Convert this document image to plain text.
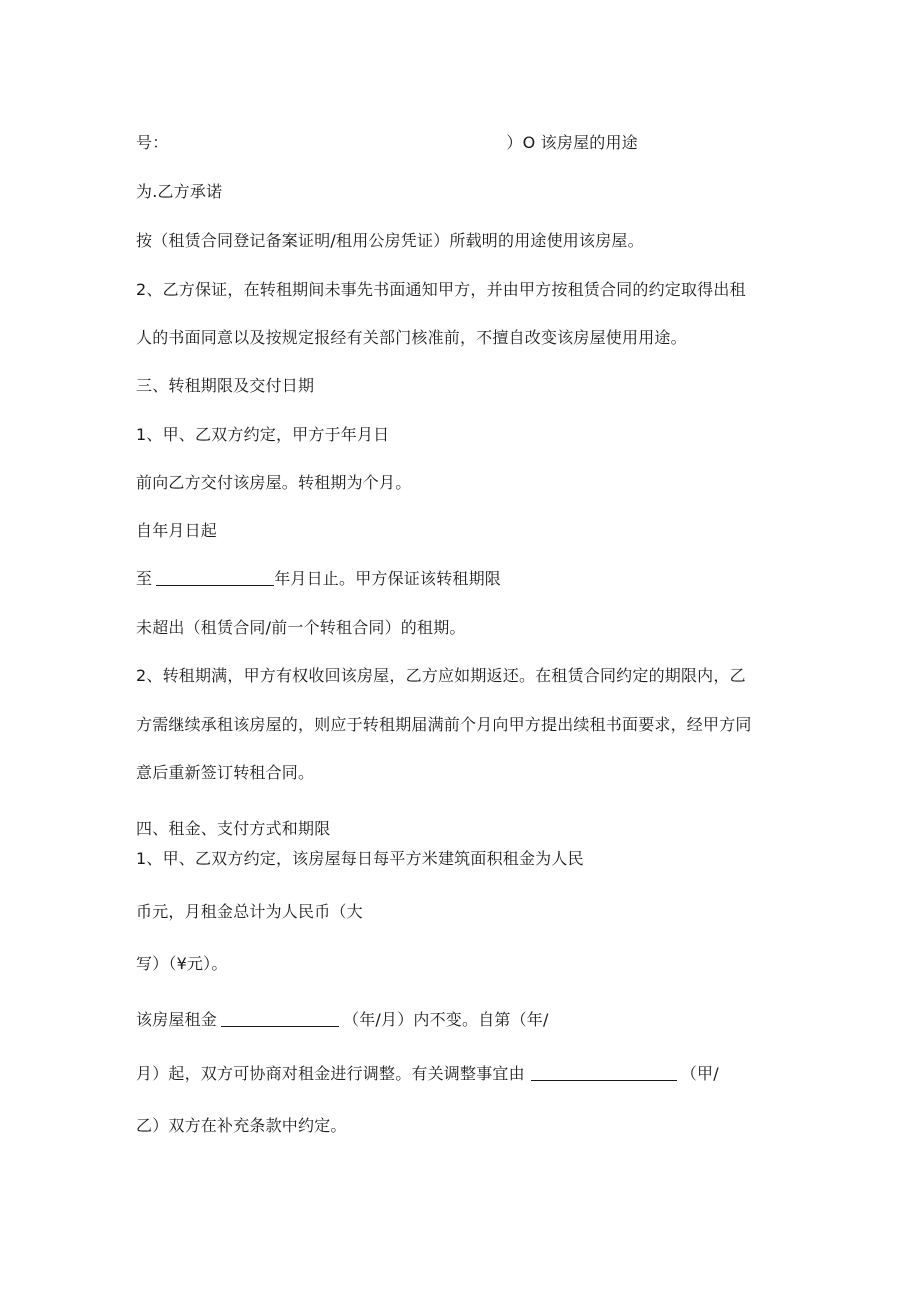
号：	）O 该房屋的用途
为.乙方承诺
按（租赁合同登记备案证明/租用公房凭证）所载明的用途使用该房屋。
2、乙方保证，在转租期间未事先书面通知甲方，并由甲方按租赁合同的约定取得出租
人的书面同意以及按规定报经有关部门核准前，不擅自改变该房屋使用用途。
三、转租期限及交付日期
1、甲、乙双方约定，甲方于年月日
前向乙方交付该房屋。转租期为个月。
自年月日起
至	年月日止。甲方保证该转租期限
未超出（租赁合同/前一个转租合同）的租期。
2、转租期满，甲方有权收回该房屋，乙方应如期返还。在租赁合同约定的期限内，乙
方需继续承租该房屋的，则应于转租期届满前个月向甲方提出续租书面要求，经甲方同
意后重新签订转租合同。
四、租金、支付方式和期限
1、甲、乙双方约定，该房屋每日每平方米建筑面积租金为人民
币元，月租金总计为人民币（大
写）（¥元）。
该房屋租金	（年/月）内不变。自第（年/
月）起，双方可协商对租金进行调整。有关调整事宜由	（甲/
乙）双方在补充条款中约定。
